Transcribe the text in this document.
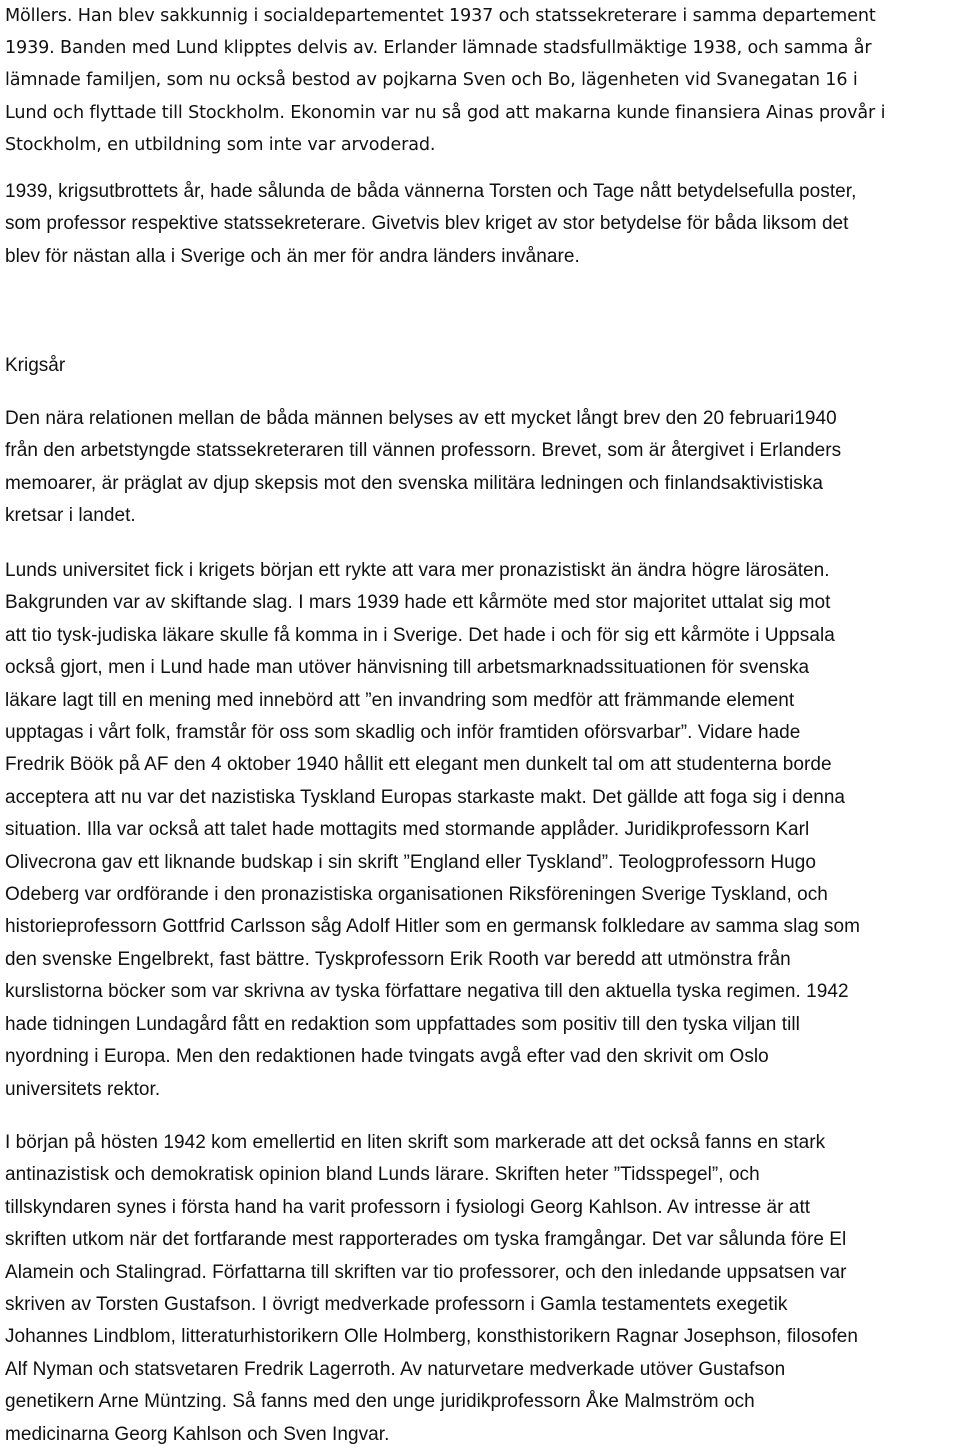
Möllers. Han blev sakkunnig i socialdepartementet 1937 och statssekreterare i samma departement
1939. Banden med Lund klipptes delvis av. Erlander lämnade stadsfullmäktige 1938, och samma år
lämnade familjen, som nu också bestod av pojkarna Sven och Bo, lägenheten vid Svanegatan 16 i
Lund och flyttade till Stockholm. Ekonomin var nu så god att makarna kunde finansiera Ainas provår i
Stockholm, en utbildning som inte var arvoderad.

1939, krigsutbrottets år, hade sålunda de båda vännerna Torsten och Tage nått betydelsefulla poster,
som professor respektive statssekreterare. Givetvis blev kriget av stor betydelse för båda liksom det
blev för nästan alla i Sverige och än mer för andra länders invånare.

Krigsår

Den nära relationen mellan de båda männen belyses av ett mycket långt brev den 20 februari1940
från den arbetstyngde statssekreteraren till vännen professorn. Brevet, som är återgivet i Erlanders
memoarer, är präglat av djup skepsis mot den svenska militära ledningen och finlandsaktivistiska
kretsar i landet.

Lunds universitet fick i krigets början ett rykte att vara mer pronazistiskt än ändra högre lärosäten.
Bakgrunden var av skiftande slag. I mars 1939 hade ett kårmöte med stor majoritet uttalat sig mot
att tio tysk-judiska läkare skulle få komma in i Sverige. Det hade i och för sig ett kårmöte i Uppsala
också gjort, men i Lund hade man utöver hänvisning till arbetsmarknadssituationen för svenska
läkare lagt till en mening med innebörd att ”en invandring som medför att främmande element
upptagas i vårt folk, framstår för oss som skadlig och inför framtiden oförsvarbar”. Vidare hade
Fredrik Böök på AF den 4 oktober 1940 hållit ett elegant men dunkelt tal om att studenterna borde
acceptera att nu var det nazistiska Tyskland Europas starkaste makt. Det gällde att foga sig i denna
situation. Illa var också att talet hade mottagits med stormande applåder. Juridikprofessorn Karl
Olivecrona gav ett liknande budskap i sin skrift ”England eller Tyskland”. Teologprofessorn Hugo
Odeberg var ordförande i den pronazistiska organisationen Riksföreningen Sverige Tyskland, och
historieprofessorn Gottfrid Carlsson såg Adolf Hitler som en germansk folkledare av samma slag som
den svenske Engelbrekt, fast bättre. Tyskprofessorn Erik Rooth var beredd att utmönstra från
kurslistorna böcker som var skrivna av tyska författare negativa till den aktuella tyska regimen. 1942
hade tidningen Lundagård fått en redaktion som uppfattades som positiv till den tyska viljan till
nyordning i Europa. Men den redaktionen hade tvingats avgå efter vad den skrivit om Oslo
universitets rektor.

I början på hösten 1942 kom emellertid en liten skrift som markerade att det också fanns en stark
antinazistisk och demokratisk opinion bland Lunds lärare. Skriften heter ”Tidsspegel”, och
tillskyndaren synes i första hand ha varit professorn i fysiologi Georg Kahlson. Av intresse är att
skriften utkom när det fortfarande mest rapporterades om tyska framgångar. Det var sålunda före El
Alamein och Stalingrad. Författarna till skriften var tio professorer, och den inledande uppsatsen var
skriven av Torsten Gustafson. I övrigt medverkade professorn i Gamla testamentets exegetik
Johannes Lindblom, litteraturhistorikern Olle Holmberg, konsthistorikern Ragnar Josephson, filosofen
Alf Nyman och statsvetaren Fredrik Lagerroth. Av naturvetare medverkade utöver Gustafson
genetikern Arne Müntzing. Så fanns med den unge juridikprofessorn Åke Malmström och
medicinarna Georg Kahlson och Sven Ingvar.
